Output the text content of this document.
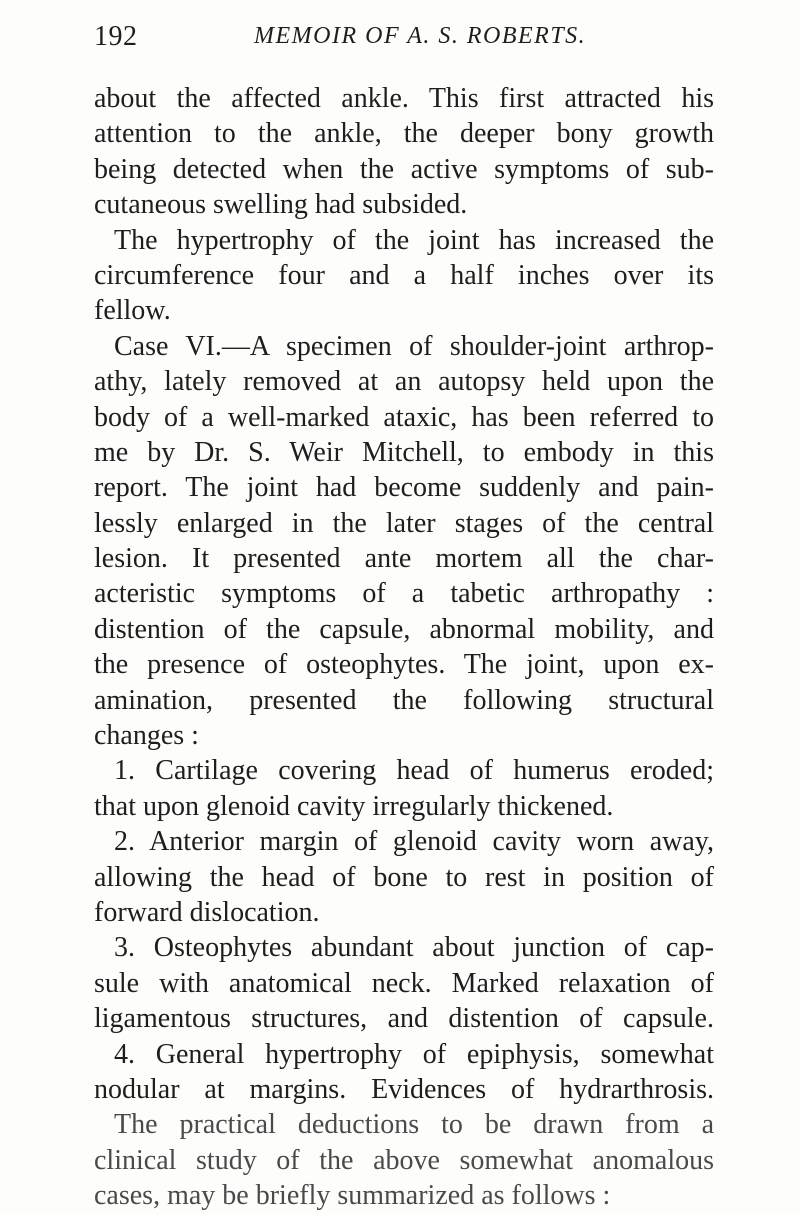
192	MEMOIR OF A. S. ROBERTS.
about the affected ankle. This first attracted his
attention to the ankle, the deeper bony growth
being detected when the active symptoms of sub-
cutaneous swelling had subsided.
The hypertrophy of the joint has increased the
circumference four and a half inches over its
fellow.
Case VI.—A specimen of shoulder-joint arthrop-
athy, lately removed at an autopsy held upon the
body of a well-marked ataxic, has been referred to
me by Dr. S. Weir Mitchell, to embody in this
report. The joint had become suddenly and pain-
lessly enlarged in the later stages of the central
lesion. It presented ante mortem all the char-
acteristic symptoms of a tabetic arthropathy :
distention of the capsule, abnormal mobility, and
the presence of osteophytes. The joint, upon ex-
amination, presented the following structural
changes :
1. Cartilage covering head of humerus eroded;
that upon glenoid cavity irregularly thickened.
2. Anterior margin of glenoid cavity worn away,
allowing the head of bone to rest in position of
forward dislocation.
3. Osteophytes abundant about junction of cap-
sule with anatomical neck. Marked relaxation of
ligamentous structures, and distention of capsule.
4. General hypertrophy of epiphysis, somewhat
nodular at margins. Evidences of hydrarthrosis.
The practical deductions to be drawn from a
clinical study of the above somewhat anomalous
cases, may be briefly summarized as follows :
